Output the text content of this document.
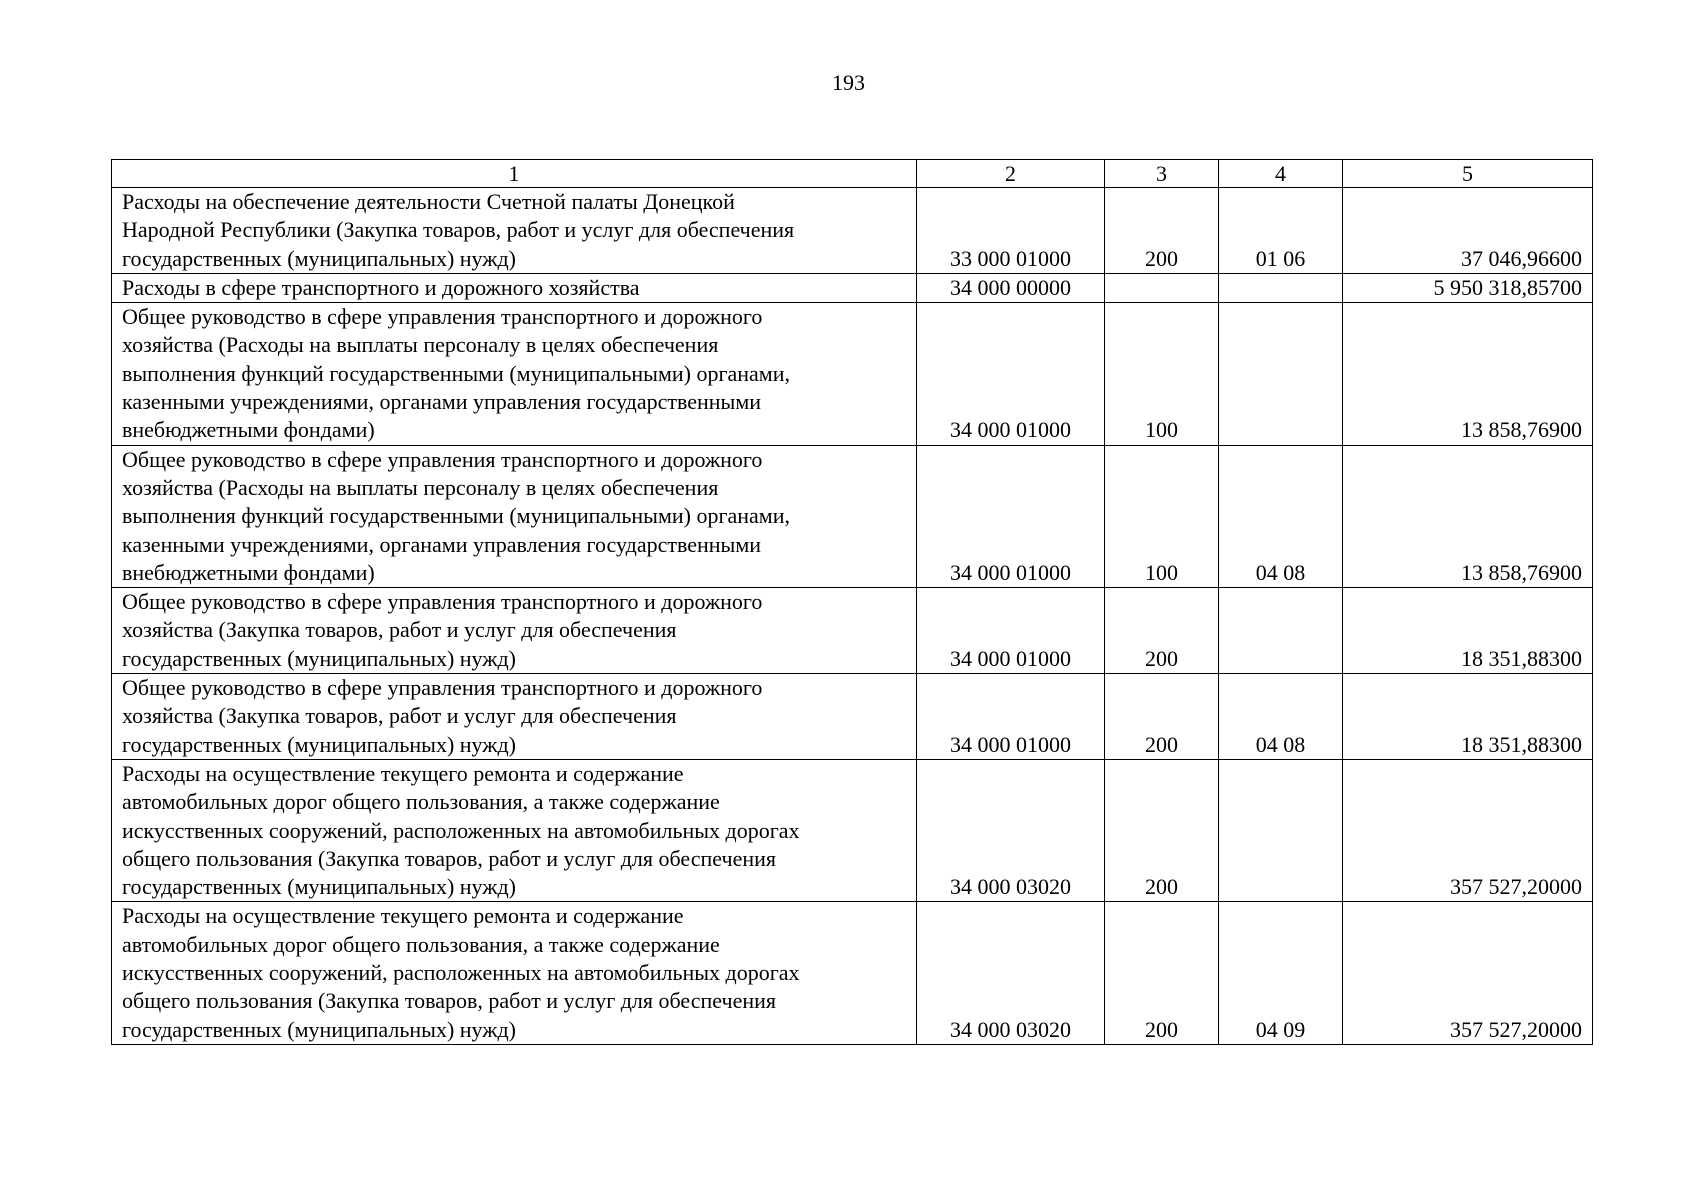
193
1	2	3	4	5

Расходы на обеспечение деятельности Счетной палаты Донецкой
Народной Республики (Закупка товаров, работ и услуг для обеспечения
государственных (муниципальных) нужд)	33 000 01000	200	01 06	37 046,96600

Расходы в сфере транспортного и дорожного хозяйства	34 000 00000			5 950 318,85700

Общее руководство в сфере управления транспортного и дорожного
хозяйства (Расходы на выплаты персоналу в целях обеспечения
выполнения функций государственными (муниципальными) органами,
казенными учреждениями, органами управления государственными
внебюджетными фондами)	34 000 01000	100		13 858,76900

Общее руководство в сфере управления транспортного и дорожного
хозяйства (Расходы на выплаты персоналу в целях обеспечения
выполнения функций государственными (муниципальными) органами,
казенными учреждениями, органами управления государственными
внебюджетными фондами)	34 000 01000	100	04 08	13 858,76900

Общее руководство в сфере управления транспортного и дорожного
хозяйства (Закупка товаров, работ и услуг для обеспечения
государственных (муниципальных) нужд)	34 000 01000	200		18 351,88300

Общее руководство в сфере управления транспортного и дорожного
хозяйства (Закупка товаров, работ и услуг для обеспечения
государственных (муниципальных) нужд)	34 000 01000	200	04 08	18 351,88300

Расходы на осуществление текущего ремонта и содержание
автомобильных дорог общего пользования, а также содержание
искусственных сооружений, расположенных на автомобильных дорогах
общего пользования (Закупка товаров, работ и услуг для обеспечения
государственных (муниципальных) нужд)	34 000 03020	200		357 527,20000

Расходы на осуществление текущего ремонта и содержание
автомобильных дорог общего пользования, а также содержание
искусственных сооружений, расположенных на автомобильных дорогах
общего пользования (Закупка товаров, работ и услуг для обеспечения
государственных (муниципальных) нужд)	34 000 03020	200	04 09	357 527,20000
